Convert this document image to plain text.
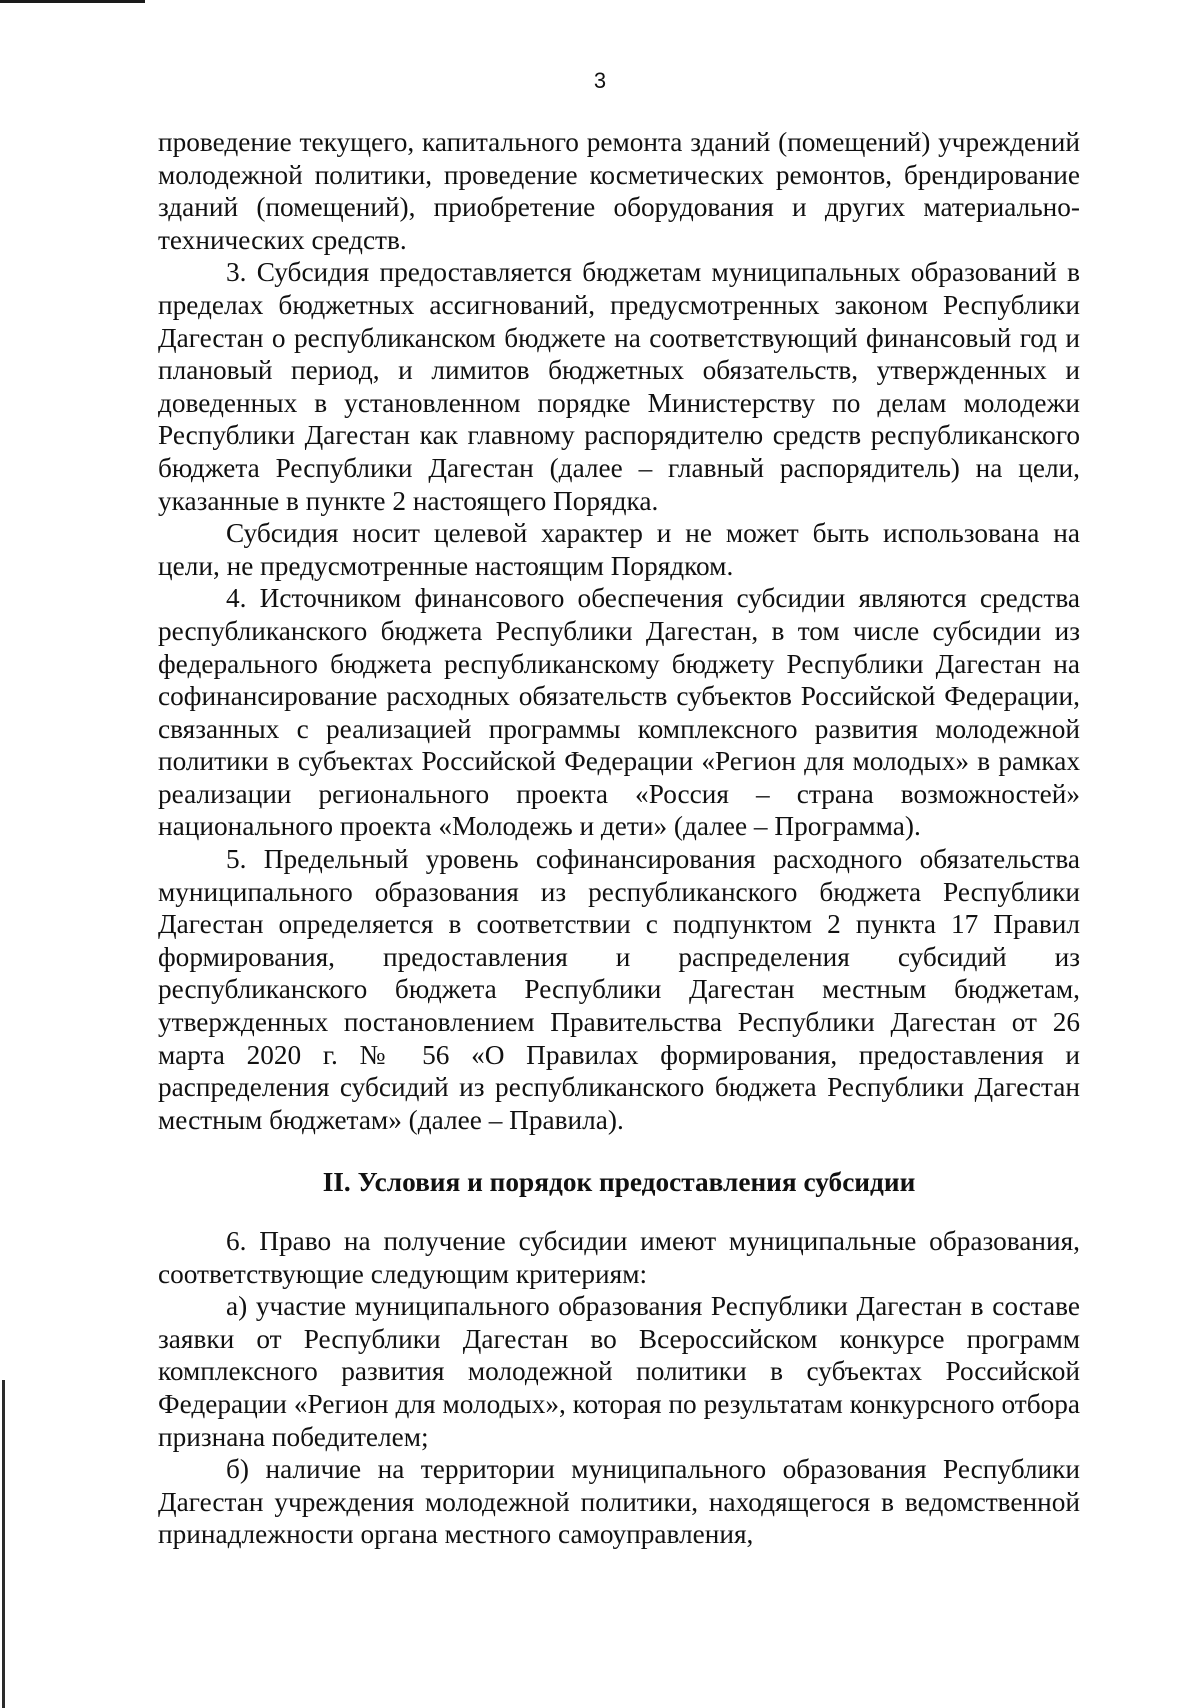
3

проведение текущего, капитального ремонта зданий (помещений) учреждений молодежной политики, проведение косметических ремонтов, брендирование зданий (помещений), приобретение оборудования и других материально-технических средств.

3. Субсидия предоставляется бюджетам муниципальных образований в пределах бюджетных ассигнований, предусмотренных законом Республики Дагестан о республиканском бюджете на соответствующий финансовый год и плановый период, и лимитов бюджетных обязательств, утвержденных и доведенных в установленном порядке Министерству по делам молодежи Республики Дагестан как главному распорядителю средств республиканского бюджета Республики Дагестан (далее – главный распорядитель) на цели, указанные в пункте 2 настоящего Порядка.

Субсидия носит целевой характер и не может быть использована на цели, не предусмотренные настоящим Порядком.

4. Источником финансового обеспечения субсидии являются средства республиканского бюджета Республики Дагестан, в том числе субсидии из федерального бюджета республиканскому бюджету Республики Дагестан на софинансирование расходных обязательств субъектов Российской Федерации, связанных с реализацией программы комплексного развития молодежной политики в субъектах Российской Федерации «Регион для молодых» в рамках реализации регионального проекта «Россия – страна возможностей» национального проекта «Молодежь и дети» (далее – Программа).

5. Предельный уровень софинансирования расходного обязательства муниципального образования из республиканского бюджета Республики Дагестан определяется в соответствии с подпунктом 2 пункта 17 Правил формирования, предоставления и распределения субсидий из республиканского бюджета Республики Дагестан местным бюджетам, утвержденных постановлением Правительства Республики Дагестан от 26 марта 2020 г. № 56 «О Правилах формирования, предоставления и распределения субсидий из республиканского бюджета Республики Дагестан местным бюджетам» (далее – Правила).

II. Условия и порядок предоставления субсидии

6. Право на получение субсидии имеют муниципальные образования, соответствующие следующим критериям:

а) участие муниципального образования Республики Дагестан в составе заявки от Республики Дагестан во Всероссийском конкурсе программ комплексного развития молодежной политики в субъектах Российской Федерации «Регион для молодых», которая по результатам конкурсного отбора признана победителем;

б) наличие на территории муниципального образования Республики Дагестан учреждения молодежной политики, находящегося в ведомственной принадлежности органа местного самоуправления,
